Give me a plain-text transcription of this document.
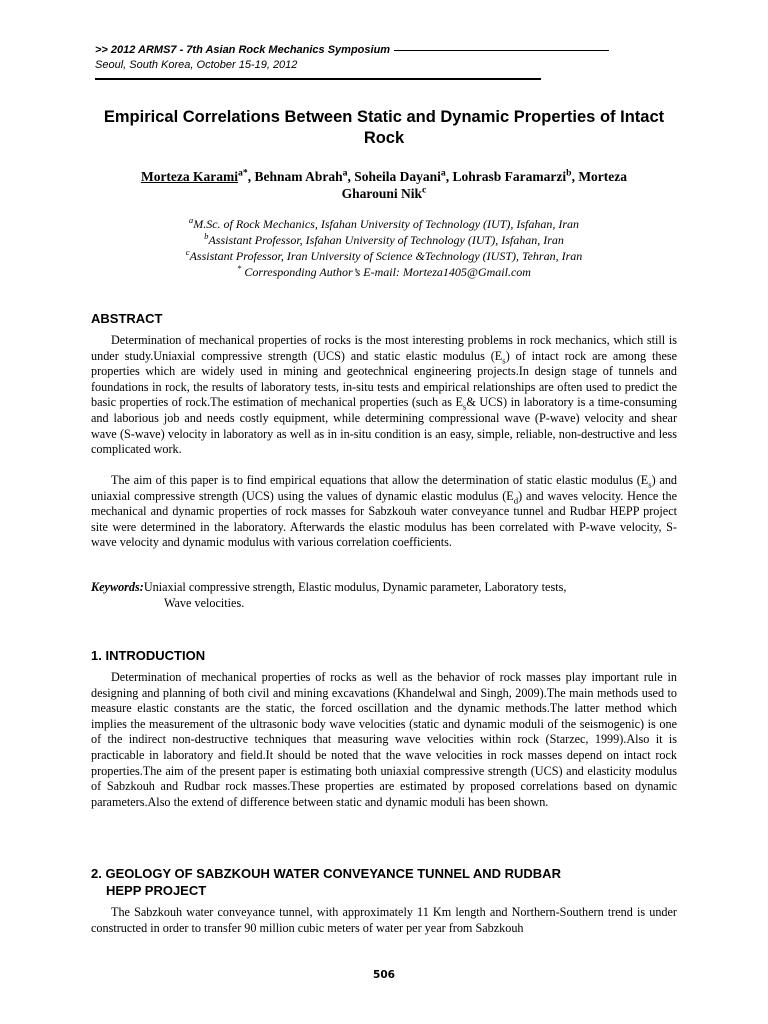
>> 2012 ARMS7 - 7th Asian Rock Mechanics Symposium
Seoul, South Korea, October 15-19, 2012
Empirical Correlations Between Static and Dynamic Properties of Intact Rock
Morteza Karami$^{a*}$, Behnam Abrah$^a$, Soheila Dayani$^a$, Lohrasb Faramarzi$^b$, Morteza
Gharouni Nik$^c$
$^a$M.Sc. of Rock Mechanics, Isfahan University of Technology (IUT), Isfahan, Iran
$^b$Assistant Professor, Isfahan University of Technology (IUT), Isfahan, Iran
$^c$Assistant Professor, Iran University of Science &Technology (IUST), Tehran, Iran
* Corresponding Author’s E-mail: Morteza1405@Gmail.com
ABSTRACT

Determination of mechanical properties of rocks is the most interesting problems in rock mechanics, which still is under study.Uniaxial compressive strength (UCS) and static elastic modulus $(E_s)$ of intact rock are among these properties which are widely used in mining and geotechnical engineering projects.In design stage of tunnels and foundations in rock, the results of laboratory tests, in-situ tests and empirical relationships are often used to predict the basic properties of rock.The estimation of mechanical properties (such as $E_s\&$ UCS) in laboratory is a time-consuming and laborious job and needs costly equipment, while determining compressional wave (P-wave) velocity and shear wave (S-wave) velocity in laboratory as well as in in-situ condition is an easy, simple, reliable, non-destructive and less complicated work.

The aim of this paper is to find empirical equations that allow the determination of static elastic modulus $(E_s)$ and uniaxial compressive strength (UCS) using the values of dynamic elastic modulus $(E_d)$ and waves velocity. Hence the mechanical and dynamic properties of rock masses for Sabzkouh water conveyance tunnel and Rudbar HEPP project site were determined in the laboratory. Afterwards the elastic modulus has been correlated with P-wave velocity, S- wave velocity and dynamic modulus with various correlation coefficients.

Keywords:Uniaxial compressive strength, Elastic modulus, Dynamic parameter, Laboratory tests,
Wave velocities.

1. INTRODUCTION

Determination of mechanical properties of rocks as well as the behavior of rock masses play important rule in designing and planning of both civil and mining excavations (Khandelwal and Singh, 2009).The main methods used to measure elastic constants are the static, the forced oscillation and the dynamic methods.The latter method which implies the measurement of the ultrasonic body wave velocities (static and dynamic moduli of the seismogenic) is one of the indirect non-destructive techniques that measuring wave velocities within rock (Starzec, 1999).Also it is practicable in laboratory and field.It should be noted that the wave velocities in rock masses depend on intact rock properties.The aim of the present paper is estimating both uniaxial compressive strength (UCS) and elasticity modulus of Sabzkouh and Rudbar rock masses.These properties are estimated by proposed correlations based on dynamic parameters.Also the extend of difference between static and dynamic moduli has been shown.

2. GEOLOGY OF SABZKOUH WATER CONVEYANCE TUNNEL AND RUDBAR
HEPP PROJECT

The Sabzkouh water conveyance tunnel, with approximately 11 Km length and Northern-Southern trend is under constructed in order to transfer 90 million cubic meters of water per year from Sabzkouh

506
